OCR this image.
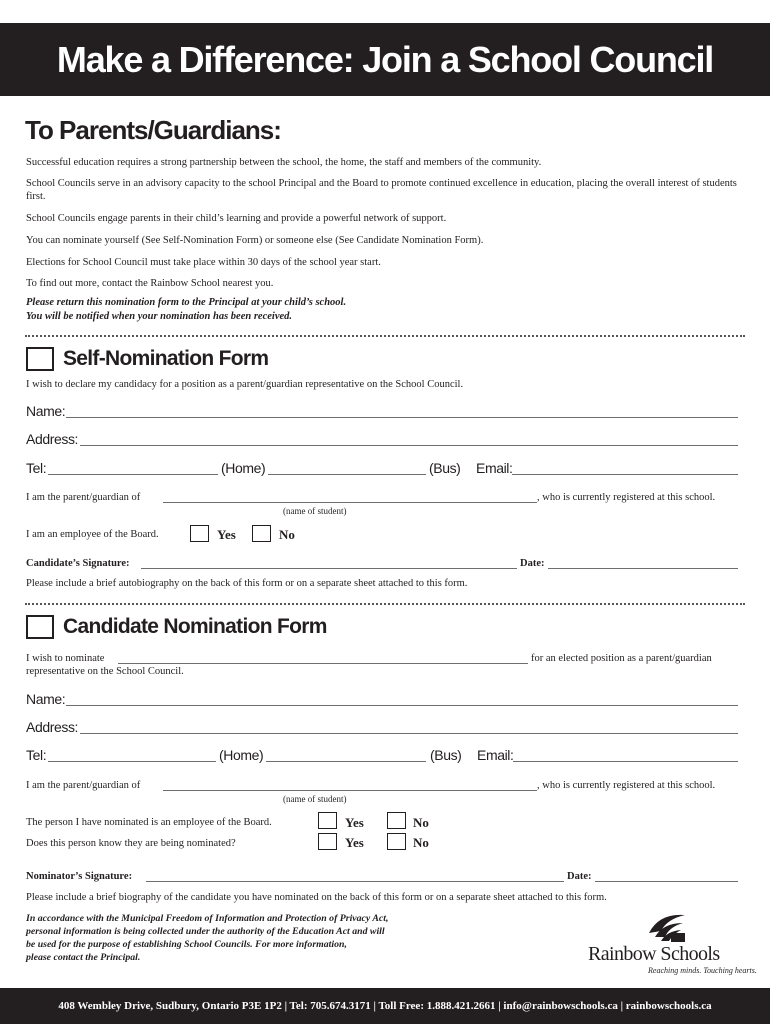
Make a Difference: Join a School Council
To Parents/Guardians:
Successful education requires a strong partnership between the school, the home, the staff and members of the community.
School Councils serve in an advisory capacity to the school Principal and the Board to promote continued excellence in education, placing the overall interest of students first.
School Councils engage parents in their child’s learning and provide a powerful network of support.
You can nominate yourself (See Self-Nomination Form) or someone else (See Candidate Nomination Form).
Elections for School Council must take place within 30 days of the school year start.
To find out more, contact the Rainbow School nearest you.
Please return this nomination form to the Principal at your child’s school.
You will be notified when your nomination has been received.
Self-Nomination Form
I wish to declare my candidacy for a position as a parent/guardian representative on the School Council.
Name:
Address:
Tel:	(Home)	(Bus) Email:
I am the parent/guardian of	, who is currently registered at this school.
(name of student)
I am an employee of the Board.	Yes	No
Candidate’s Signature:	Date:
Please include a brief autobiography on the back of this form or on a separate sheet attached to this form.
Candidate Nomination Form
I wish to nominate	for an elected position as a parent/guardian
representative on the School Council.
Name:
Address:
Tel:	(Home)	(Bus) Email:
I am the parent/guardian of	, who is currently registered at this school.
(name of student)
The person I have nominated is an employee of the Board.	Yes	No
Does this person know they are being nominated?	Yes	No
Nominator’s Signature:	Date:
Please include a brief biography of the candidate you have nominated on the back of this form or on a separate sheet attached to this form.
In accordance with the Municipal Freedom of Information and Protection of Privacy Act,
personal information is being collected under the authority of the Education Act and will
be used for the purpose of establishing School Councils. For more information,
please contact the Principal.	Rainbow Schools
Reaching minds. Touching hearts.
408 Wembley Drive, Sudbury, Ontario P3E 1P2 | Tel: 705.674.3171 | Toll Free: 1.888.421.2661 | info@rainbowschools.ca | rainbowschools.ca
